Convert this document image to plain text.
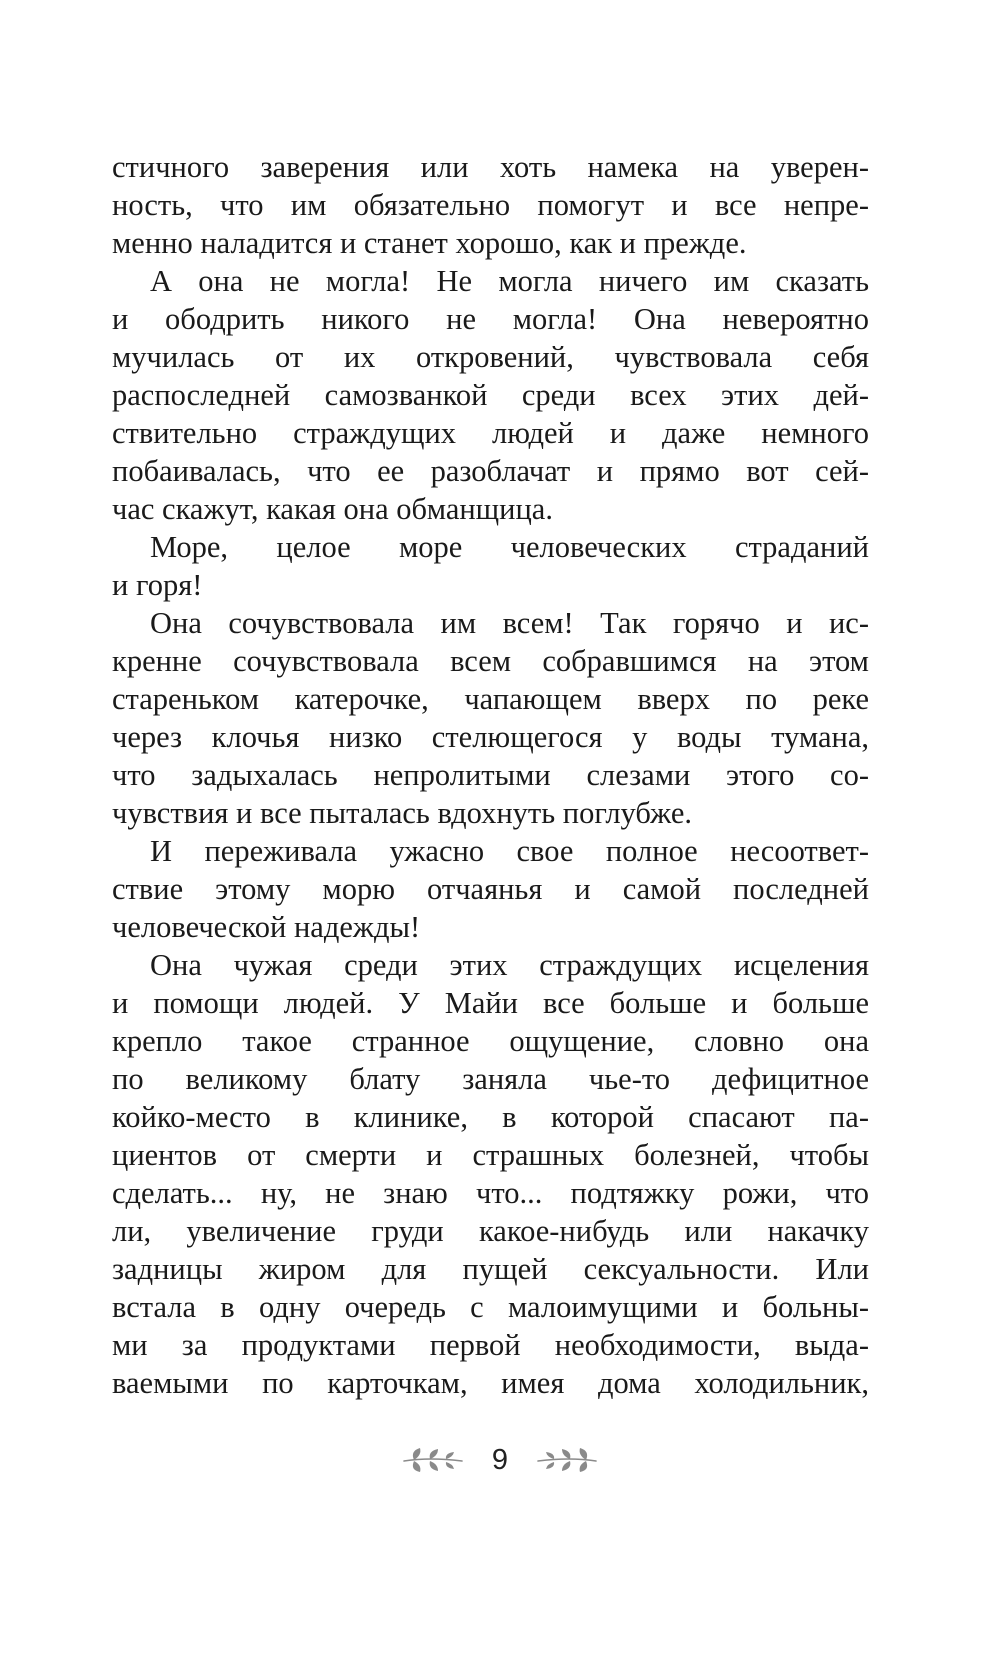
стичного заверения или хоть намека на уверен-
ность, что им обязательно помогут и все непре-
менно наладится и станет хорошо, как и прежде.
А она не могла! Не могла ничего им сказать
и ободрить никого не могла! Она невероятно
мучилась от их откровений, чувствовала себя
распоследней самозванкой среди всех этих дей-
ствительно страждущих людей и даже немного
побаивалась, что ее разоблачат и прямо вот сей-
час скажут, какая она обманщица.
Море, целое море человеческих страданий
и горя!
Она сочувствовала им всем! Так горячо и ис-
кренне сочувствовала всем собравшимся на этом
стареньком катерочке, чапающем вверх по реке
через клочья низко стелющегося у воды тумана,
что задыхалась непролитыми слезами этого со-
чувствия и все пыталась вдохнуть поглубже.
И переживала ужасно свое полное несоответ-
ствие этому морю отчаянья и самой последней
человеческой надежды!
Она чужая среди этих страждущих исцеления
и помощи людей. У Майи все больше и больше
крепло такое странное ощущение, словно она
по великому блату заняла чье-то дефицитное
койко-место в клинике, в которой спасают па-
циентов от смерти и страшных болезней, чтобы
сделать... ну, не знаю что... подтяжку рожи, что
ли, увеличение груди какое-нибудь или накачку
задницы жиром для пущей сексуальности. Или
встала в одну очередь с малоимущими и больны-
ми за продуктами первой необходимости, выда-
ваемыми по карточкам, имея дома холодильник,
9
